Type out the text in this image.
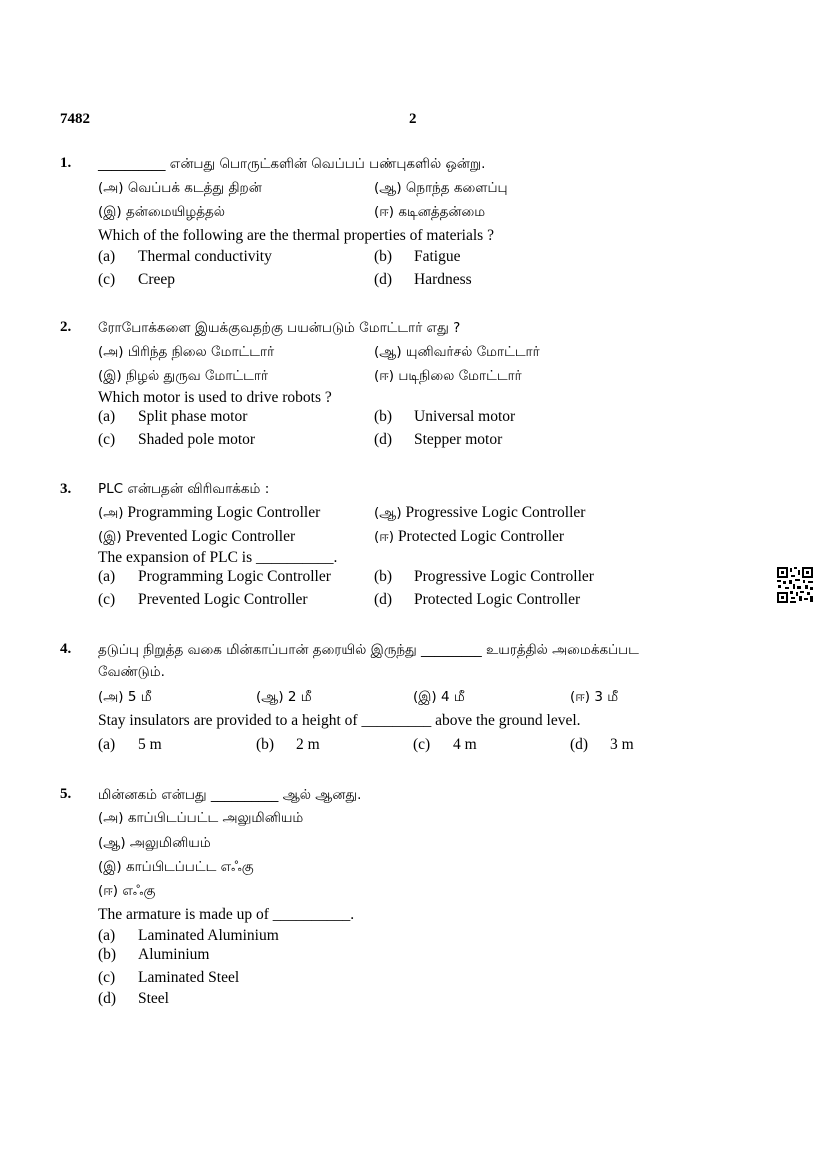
7482	2
1. __________ என்பது பொருட்களின் வெப்பப் பண்புகளில் ஒன்று.
(அ) வெப்பக் கடத்து திறன்	(ஆ) நொந்த களைப்பு
(இ) தன்மையிழத்தல்	(ஈ) கடினத்தன்மை
Which of the following are the thermal properties of materials ?
(a) Thermal conductivity	(b) Fatigue
(c) Creep	(d) Hardness
2. ரோபோக்களை இயக்குவதற்கு பயன்படும் மோட்டார் எது ?
(அ) பிரிந்த நிலை மோட்டார்	(ஆ) யுனிவர்சல் மோட்டார்
(இ) நிழல் துருவ மோட்டார்	(ஈ) படிநிலை மோட்டார்
Which motor is used to drive robots ?
(a) Split phase motor	(b) Universal motor
(c) Shaded pole motor	(d) Stepper motor
3. PLC என்பதன் விரிவாக்கம் :
(அ) Programming Logic Controller	(ஆ) Progressive Logic Controller
(இ) Prevented Logic Controller	(ஈ) Protected Logic Controller
The expansion of PLC is __________.
(a) Programming Logic Controller	(b) Progressive Logic Controller
(c) Prevented Logic Controller	(d) Protected Logic Controller
4. தடுப்பு நிறுத்த வகை மின்காப்பான் தரையில் இருந்து _________ உயரத்தில் அமைக்கப்பட
வேண்டும்.
(அ) 5 மீ	(ஆ) 2 மீ	(இ) 4 மீ	(ஈ) 3 மீ
Stay insulators are provided to a height of _________ above the ground level.
(a) 5 m	(b) 2 m	(c) 4 m	(d) 3 m
5. மின்னகம் என்பது __________ ஆல் ஆனது.
(அ) காப்பிடப்பட்ட அலுமினியம்
(ஆ) அலுமினியம்
(இ) காப்பிடப்பட்ட எஃகு
(ஈ) எஃகு
The armature is made up of __________.
(a) Laminated Aluminium
(b) Aluminium
(c) Laminated Steel
(d) Steel
